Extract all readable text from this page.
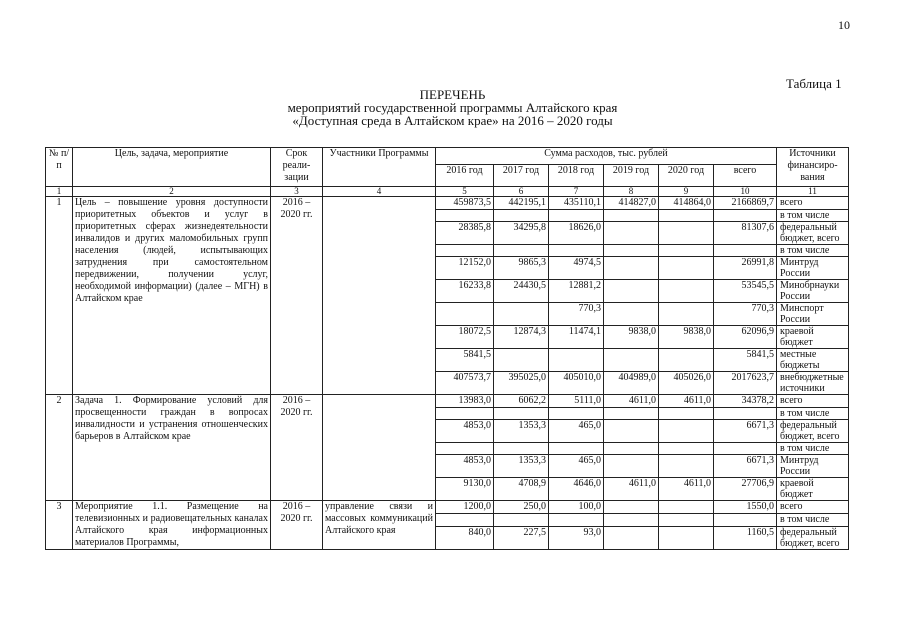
10
Таблица 1
ПЕРЕЧЕНЬ
мероприятий государственной программы Алтайского края
«Доступная среда в Алтайском крае» на 2016 – 2020 годы
№ п/п	Цель, задача, мероприятие	Срок реали-зации	Участники Программы	Сумма расходов, тыс. рублей						Источники финансиро-вания
				2016 год	2017 год	2018 год	2019 год	2020 год	всего	
1	2	3	4	5	6	7	8	9	10	11
1	Цель – повышение уровня доступности приоритетных объектов и услуг в приоритетных сферах жизнедеятельности инвалидов и других маломобильных групп населения (людей, испытывающих затруднения при самостоятельном передвижении, получении услуг, необходимой информации) (далее – МГН) в Алтайском крае	2016 – 2020 гг.		459873,5	442195,1	435110,1	414827,0	414864,0	2166869,7	всего
										в том числе
				28385,8	34295,8	18626,0			81307,6	федеральный бюджет, всего
										в том числе
				12152,0	9865,3	4974,5			26991,8	Минтруд России
				16233,8	24430,5	12881,2			53545,5	Минобрнауки России
						770,3			770,3	Минспорт России
				18072,5	12874,3	11474,1	9838,0	9838,0	62096,9	краевой бюджет
				5841,5					5841,5	местные бюджеты
				407573,7	395025,0	405010,0	404989,0	405026,0	2017623,7	внебюджетные источники
2	Задача 1. Формирование условий для просвещенности граждан в вопросах инвалидности и устранения отношенческих барьеров в Алтайском крае	2016 – 2020 гг.		13983,0	6062,2	5111,0	4611,0	4611,0	34378,2	всего
										в том числе
				4853,0	1353,3	465,0			6671,3	федеральный бюджет, всего
										в том числе
				4853,0	1353,3	465,0			6671,3	Минтруд России
				9130,0	4708,9	4646,0	4611,0	4611,0	27706,9	краевой бюджет
3	Мероприятие 1.1. Размещение на телевизионных и радиовещательных каналах Алтайского края информационных материалов Программы,	2016 – 2020 гг.	управление связи и массовых коммуникаций Алтайского края	1200,0	250,0	100,0			1550,0	всего
										в том числе
				840,0	227,5	93,0			1160,5	федеральный бюджет, всего
